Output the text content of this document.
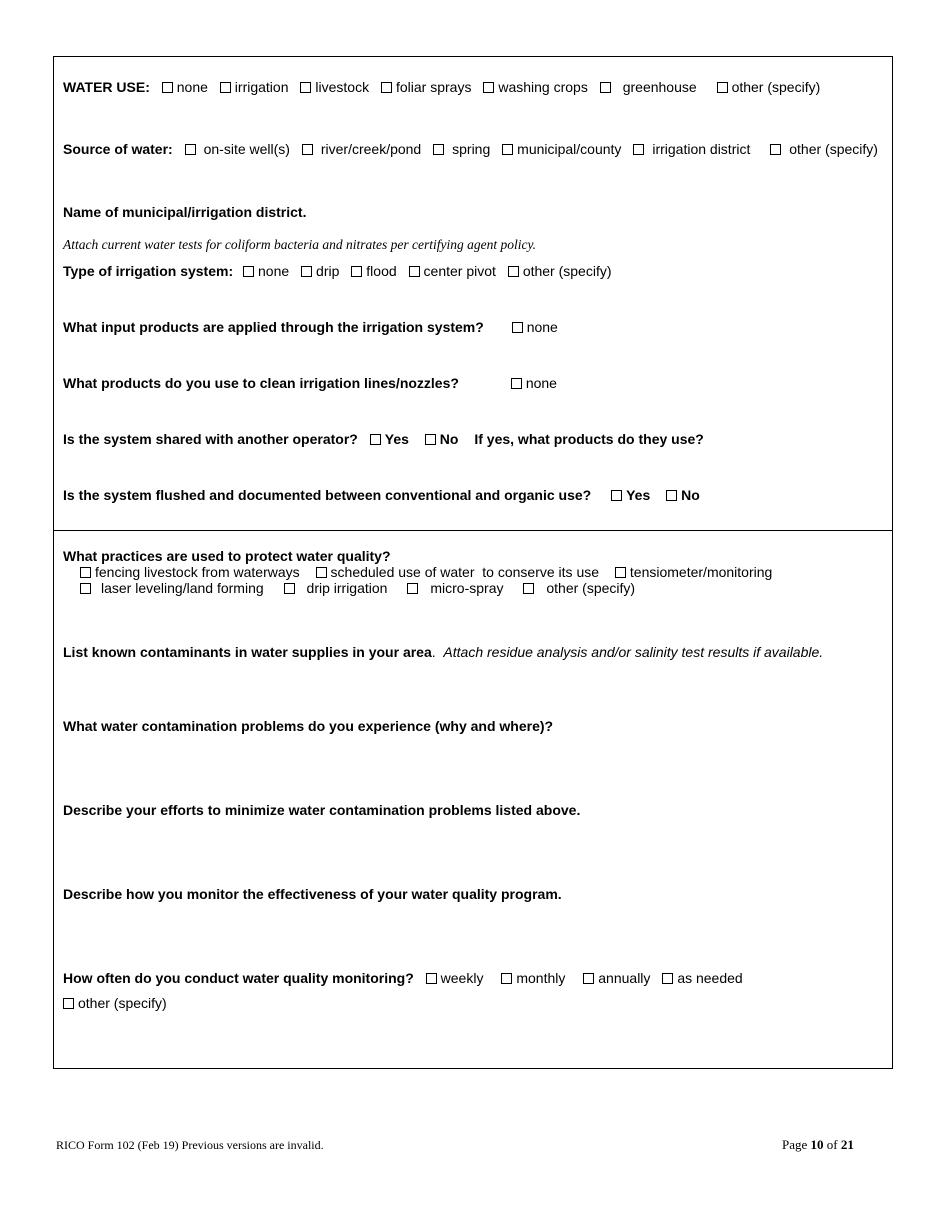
WATER USE: none irrigation livestock foliar sprays washing crops greenhouse other (specify)
Source of water: on-site well(s) river/creek/pond spring municipal/county irrigation district	other (specify)
Name of municipal/irrigation district.
Attach current water tests for coliform bacteria and nitrates per certifying agent policy.
Type of irrigation system: none drip flood center pivot other (specify)
What input products are applied through the irrigation system?	none
What products do you use to clean irrigation lines/nozzles?	none
Is the system shared with another operator? Yes No If yes, what products do they use?
Is the system flushed and documented between conventional and organic use? Yes No
What practices are used to protect water quality?
fencing livestock from waterways scheduled use of water  to conserve its use tensiometer/monitoring
laser leveling/land forming	drip irrigation	micro-spray	other (specify)
List known contaminants in water supplies in your area.  Attach residue analysis and/or salinity test results if available.
What water contamination problems do you experience (why and where)?
Describe your efforts to minimize water contamination problems listed above.
Describe how you monitor the effectiveness of your water quality program.
How often do you conduct water quality monitoring? weekly monthly annually as needed
other (specify)
RICO Form 102 (Feb 19) Previous versions are invalid.	Page 10 of 21
